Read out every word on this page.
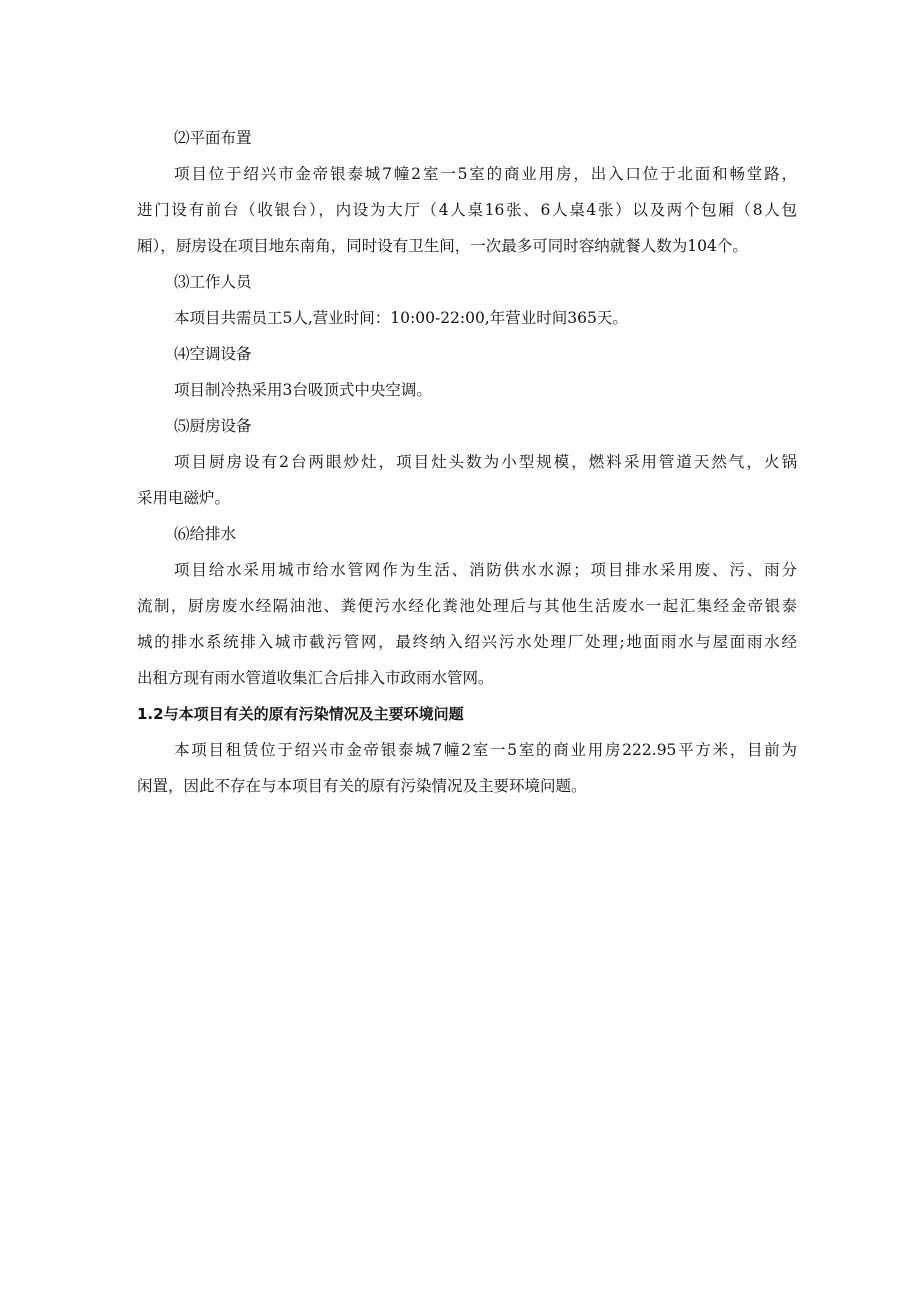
⑵平面布置
项目位于绍兴市金帝银泰城7幢2室一5室的商业用房，出入口位于北面和畅堂路，
进门设有前台（收银台），内设为大厅（4人桌16张、6人桌4张）以及两个包厢（8人包
厢），厨房设在项目地东南角，同时设有卫生间，一次最多可同时容纳就餐人数为104个。
⑶工作人员
本项目共需员工5人,营业时间：10:00-22:00,年营业时间365天。
⑷空调设备
项目制冷热采用3台吸顶式中央空调。
⑸厨房设备
项目厨房设有2台两眼炒灶，项目灶头数为小型规模，燃料采用管道天然气，火锅
采用电磁炉。
⑹给排水
项目给水采用城市给水管网作为生活、消防供水水源；项目排水采用废、污、雨分
流制，厨房废水经隔油池、粪便污水经化粪池处理后与其他生活废水一起汇集经金帝银泰
城的排水系统排入城市截污管网，最终纳入绍兴污水处理厂处理;地面雨水与屋面雨水经
出租方现有雨水管道收集汇合后排入市政雨水管网。
1.2与本项目有关的原有污染情况及主要环境问题
本项目租赁位于绍兴市金帝银泰城7幢2室一5室的商业用房222.95平方米，目前为
闲置，因此不存在与本项目有关的原有污染情况及主要环境问题。
